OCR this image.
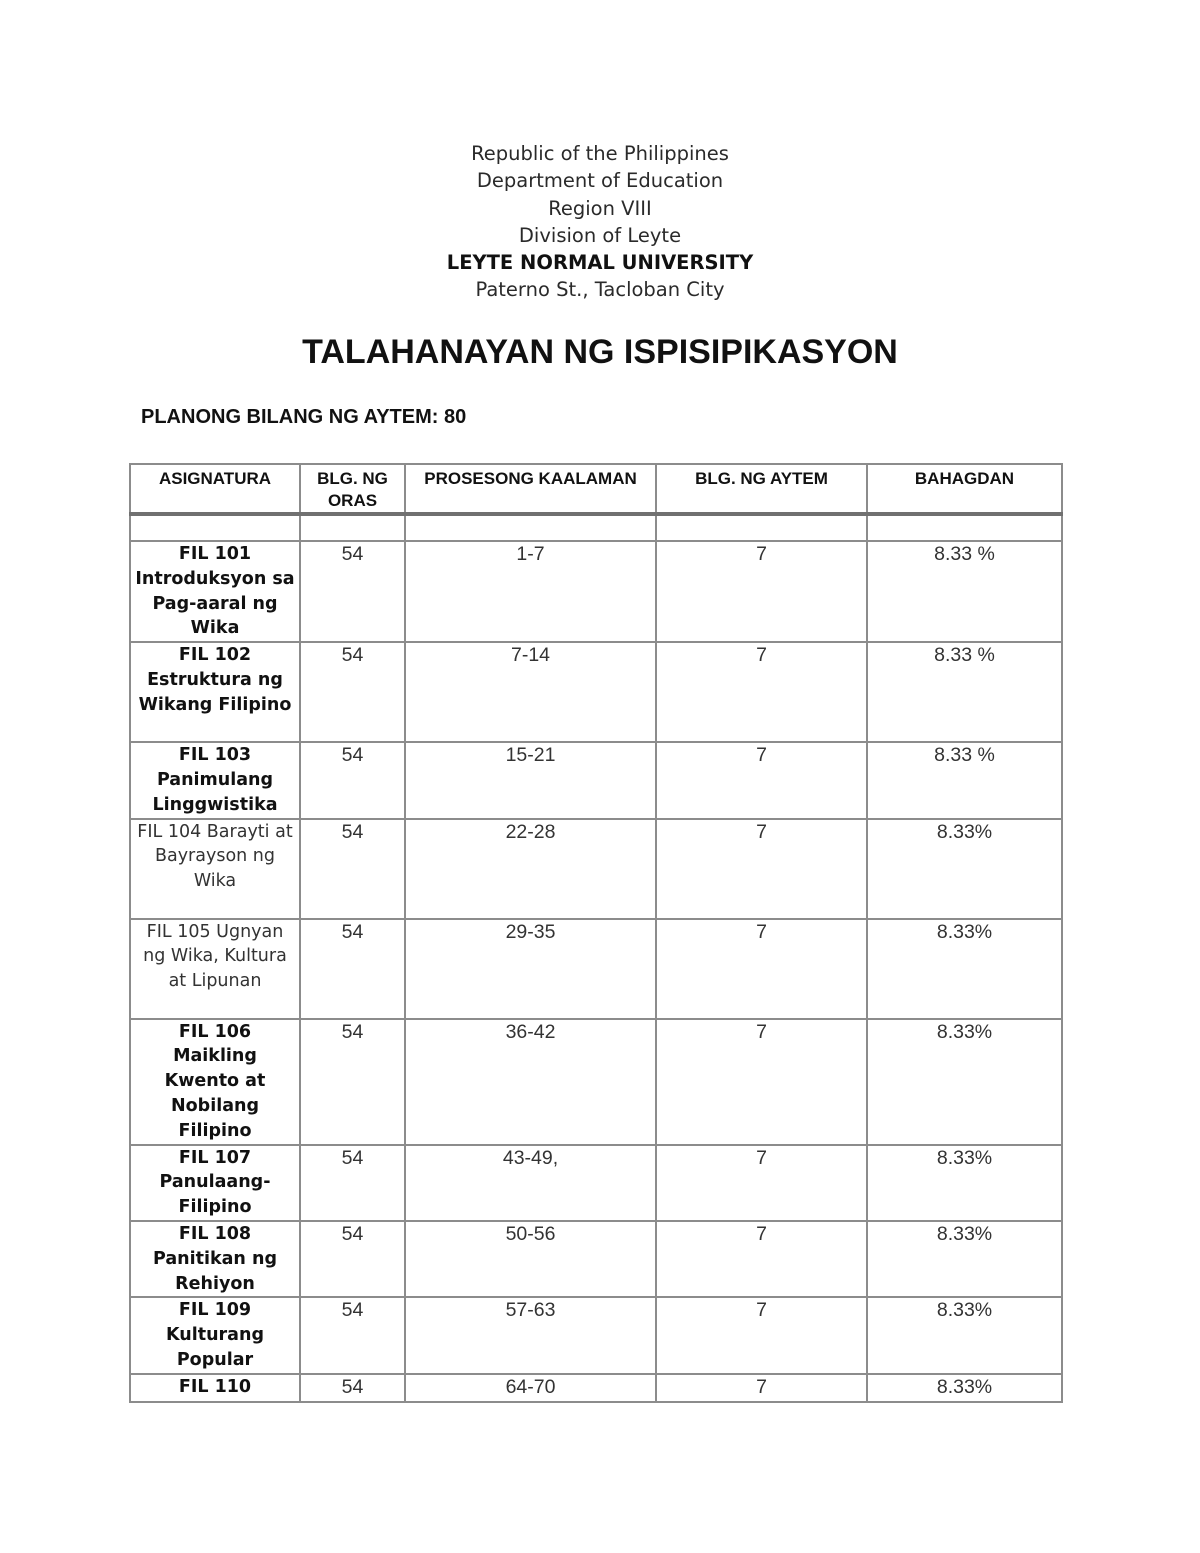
Republic of the Philippines
Department of Education
Region VIII
Division of Leyte
LEYTE NORMAL UNIVERSITY
Paterno St., Tacloban City
TALAHANAYAN NG ISPISIPIKASYON
PLANONG BILANG NG AYTEM: 80
ASIGNATURA	BLG. NG ORAS	PROSESONG KAALAMAN	BLG. NG AYTEM	BAHAGDAN

FIL 101 Introduksyon sa Pag-aaral ng Wika	54	1-7	7	8.33 %
FIL 102 Estruktura ng Wikang Filipino	54	7-14	7	8.33 %
FIL 103 Panimulang Linggwistika	54	15-21	7	8.33 %
FIL 104 Barayti at Bayrayson ng Wika	54	22-28	7	8.33%
FIL 105 Ugnyan ng Wika, Kultura at Lipunan	54	29-35	7	8.33%
FIL 106 Maikling Kwento at Nobilang Filipino	54	36-42	7	8.33%
FIL 107 Panulaang-Filipino	54	43-49,	7	8.33%
FIL 108 Panitikan ng Rehiyon	54	50-56	7	8.33%
FIL 109 Kulturang Popular	54	57-63	7	8.33%
FIL 110	54	64-70	7	8.33%
